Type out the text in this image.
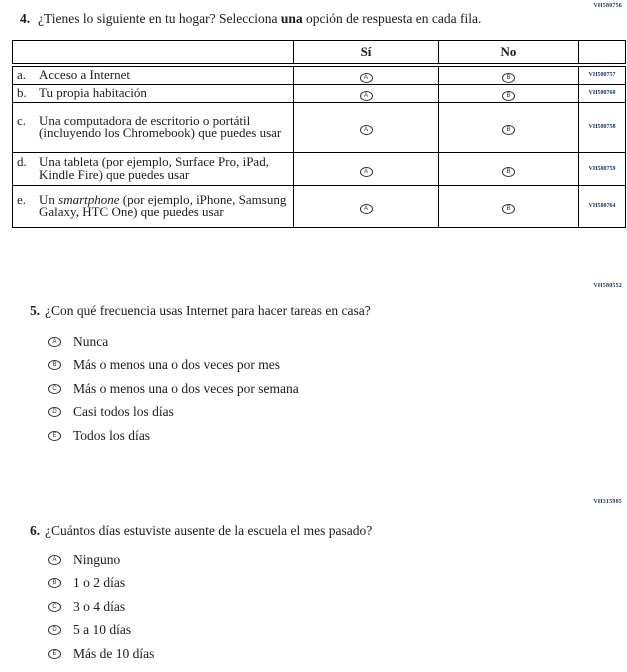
VH580756
4. ¿Tienes lo siguiente en tu hogar? Selecciona una opción de respuesta en cada fila.
	Sí	No	

a. Acceso a Internet	A	B	VH580757

b. Tu propia habitación	A	B	VH580760

c. Una computadora de escritorio o portátil (incluyendo los Chromebook) que puedes usar	A	B	VH580758

d. Una tableta (por ejemplo, Surface Pro, iPad, Kindle Fire) que puedes usar	A	B	VH580759

e. Un smartphone (por ejemplo, iPhone, Samsung Galaxy, HTC One) que puedes usar	A	B	VH580764
VH580552
5. ¿Con qué frecuencia usas Internet para hacer tareas en casa?
A	Nunca
B	Más o menos una o dos veces por mes
C	Más o menos una o dos veces por semana
D	Casi todos los días
E	Todos los días
VH315985
6. ¿Cuántos días estuviste ausente de la escuela el mes pasado?
A	Ninguno
B	1 o 2 días
C	3 o 4 días
D	5 a 10 días
E	Más de 10 días
